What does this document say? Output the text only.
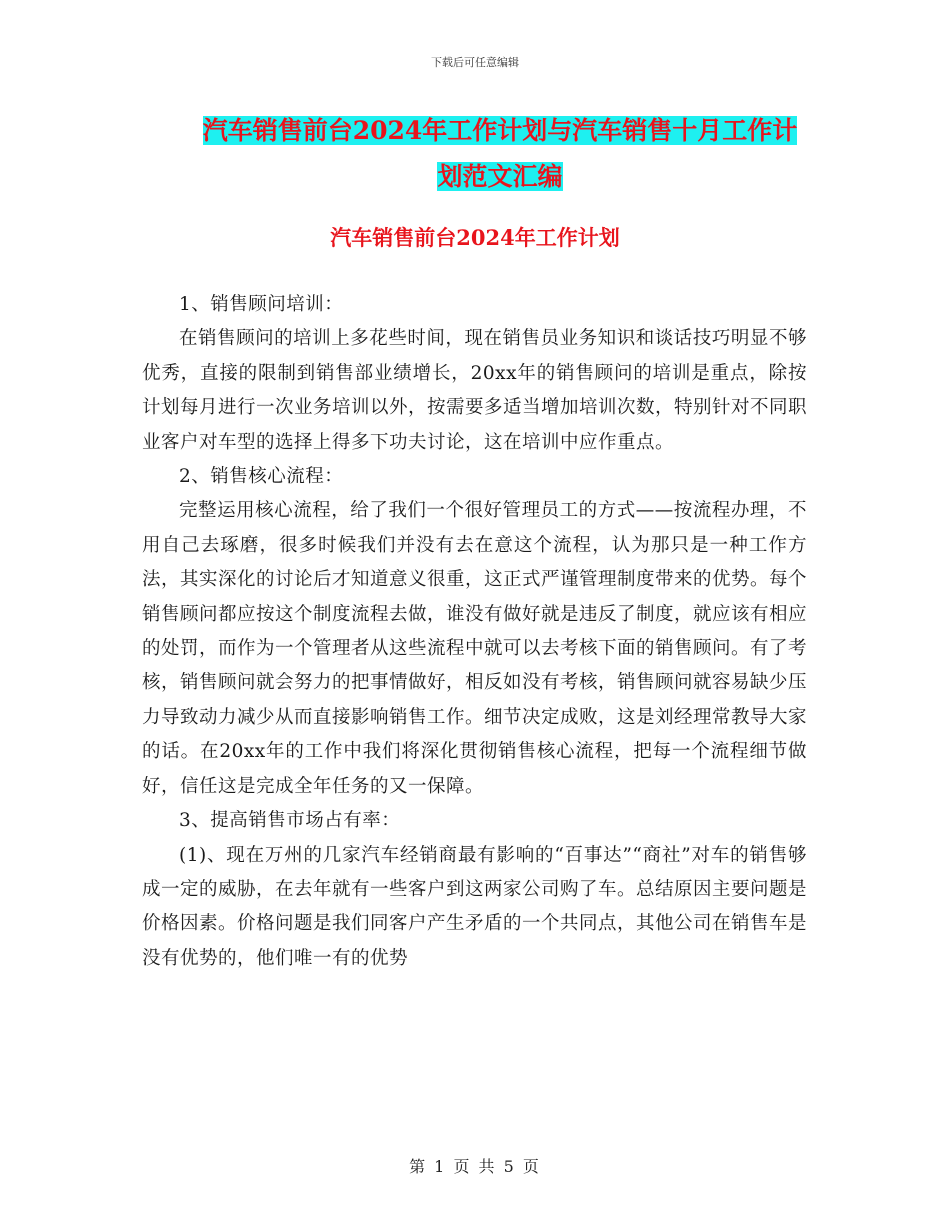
下载后可任意编辑
汽车销售前台2024年工作计划与汽车销售十月工作计
划范文汇编
汽车销售前台2024年工作计划

1、销售顾问培训：

在销售顾问的培训上多花些时间，现在销售员业务知识和谈话技巧明显不够优秀，直接的限制到销售部业绩增长，20xx年的销售顾问的培训是重点，除按计划每月进行一次业务培训以外，按需要多适当增加培训次数，特别针对不同职业客户对车型的选择上得多下功夫讨论，这在培训中应作重点。

2、销售核心流程：

完整运用核心流程，给了我们一个很好管理员工的方式——按流程办理，不用自己去琢磨，很多时候我们并没有去在意这个流程，认为那只是一种工作方法，其实深化的讨论后才知道意义很重，这正式严谨管理制度带来的优势。每个销售顾问都应按这个制度流程去做，谁没有做好就是违反了制度，就应该有相应的处罚，而作为一个管理者从这些流程中就可以去考核下面的销售顾问。有了考核，销售顾问就会努力的把事情做好，相反如没有考核，销售顾问就容易缺少压力导致动力减少从而直接影响销售工作。细节决定成败，这是刘经理常教导大家的话。在20xx年的工作中我们将深化贯彻销售核心流程，把每一个流程细节做好，信任这是完成全年任务的又一保障。

3、提高销售市场占有率：

(1)、现在万州的几家汽车经销商最有影响的“百事达”“商社”对车的销售够成一定的威胁，在去年就有一些客户到这两家公司购了车。总结原因主要问题是价格因素。价格问题是我们同客户产生矛盾的一个共同点，其他公司在销售车是没有优势的，他们唯一有的优势

第 1 页 共 5 页
